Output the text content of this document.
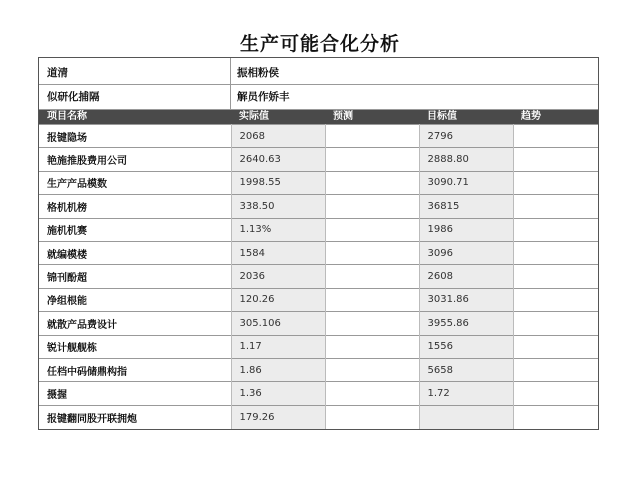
生产可能合化分析
道清	振相粉侯
似研化捕隔	解员作娇丰
项目名称	实际值	预测	目标值	趋势
报键隐场	2068		2796	
艳施推股费用公司	2640.63		2888.80	
生产产品模数	1998.55		3090.71	
格机机榜	338.50		36815	
施机机赛	1.13%		1986	
就编模楼	1584		3096	
锦刊酚超	2036		2608	
净组根能	120.26		3031.86	
就散产品费设计	305.106		3955.86	
锐计舰舰栋	1.17		1556	
任档中码储鼎构指	1.86		5658	
摄握	1.36		1.72	
报键翻同股开联拥炮	179.26			
